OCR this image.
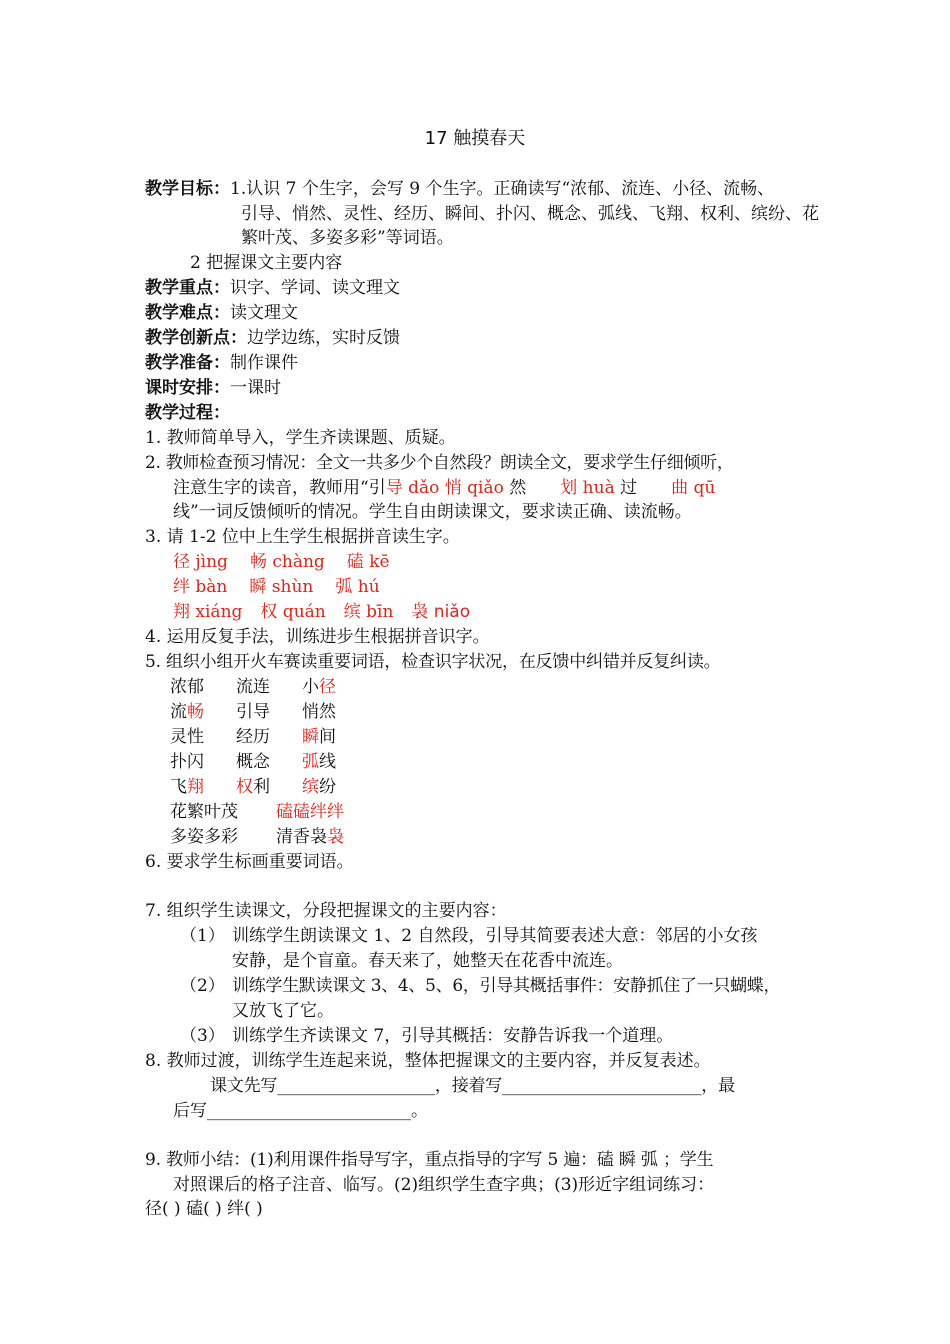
17 触摸春天
教学目标：1.认识 7 个生字，会写 9 个生字。正确读写“浓郁、流连、小径、流畅、
引导、悄然、灵性、经历、瞬间、扑闪、概念、弧线、飞翔、权利、缤纷、花
繁叶茂、多姿多彩”等词语。
2 把握课文主要内容
教学重点：识字、学词、读文理文
教学难点：读文理文
教学创新点：边学边练，实时反馈
教学准备：制作课件
课时安排：一课时
教学过程：
1. 教师简单导入，学生齐读课题、质疑。
2. 教师检查预习情况：全文一共多少个自然段？朗读全文，要求学生仔细倾听，
注意生字的读音，教师用“引导 dǎo 悄 qiǎo 然 划 huà 过 曲 qū
线”一词反馈倾听的情况。学生自由朗读课文，要求读正确、读流畅。
3. 请 1-2 位中上生学生根据拼音读生字。
径 jìng 畅 chàng 磕 kē
绊 bàn 瞬 shùn 弧 hú
翔 xiáng 权 quán 缤 bīn 袅 niǎo
4. 运用反复手法，训练进步生根据拼音识字。
5. 组织小组开火车赛读重要词语，检查识字状况，在反馈中纠错并反复纠读。
浓郁 流连 小径
流畅 引导 悄然
灵性 经历 瞬间
扑闪 概念 弧线
飞翔 权利 缤纷
花繁叶茂 磕磕绊绊
多姿多彩 清香袅袅
6. 要求学生标画重要词语。
7. 组织学生读课文，分段把握课文的主要内容：
（1） 训练学生朗读课文 1、2 自然段，引导其简要表述大意：邻居的小女孩
安静，是个盲童。春天来了，她整天在花香中流连。
（2） 训练学生默读课文 3、4、5、6，引导其概括事件：安静抓住了一只蝴蝶，
又放飞了它。
（3） 训练学生齐读课文 7，引导其概括：安静告诉我一个道理。
8. 教师过渡，训练学生连起来说，整体把握课文的主要内容，并反复表述。
课文先写___________________，接着写________________________，最
后写________________________。
9. 教师小结：(1)利用课件指导写字，重点指导的字写 5 遍：磕 瞬 弧 ；学生
对照课后的格子注音、临写。(2)组织学生查字典；(3)形近字组词练习：
径( ) 磕( ) 绊( )
